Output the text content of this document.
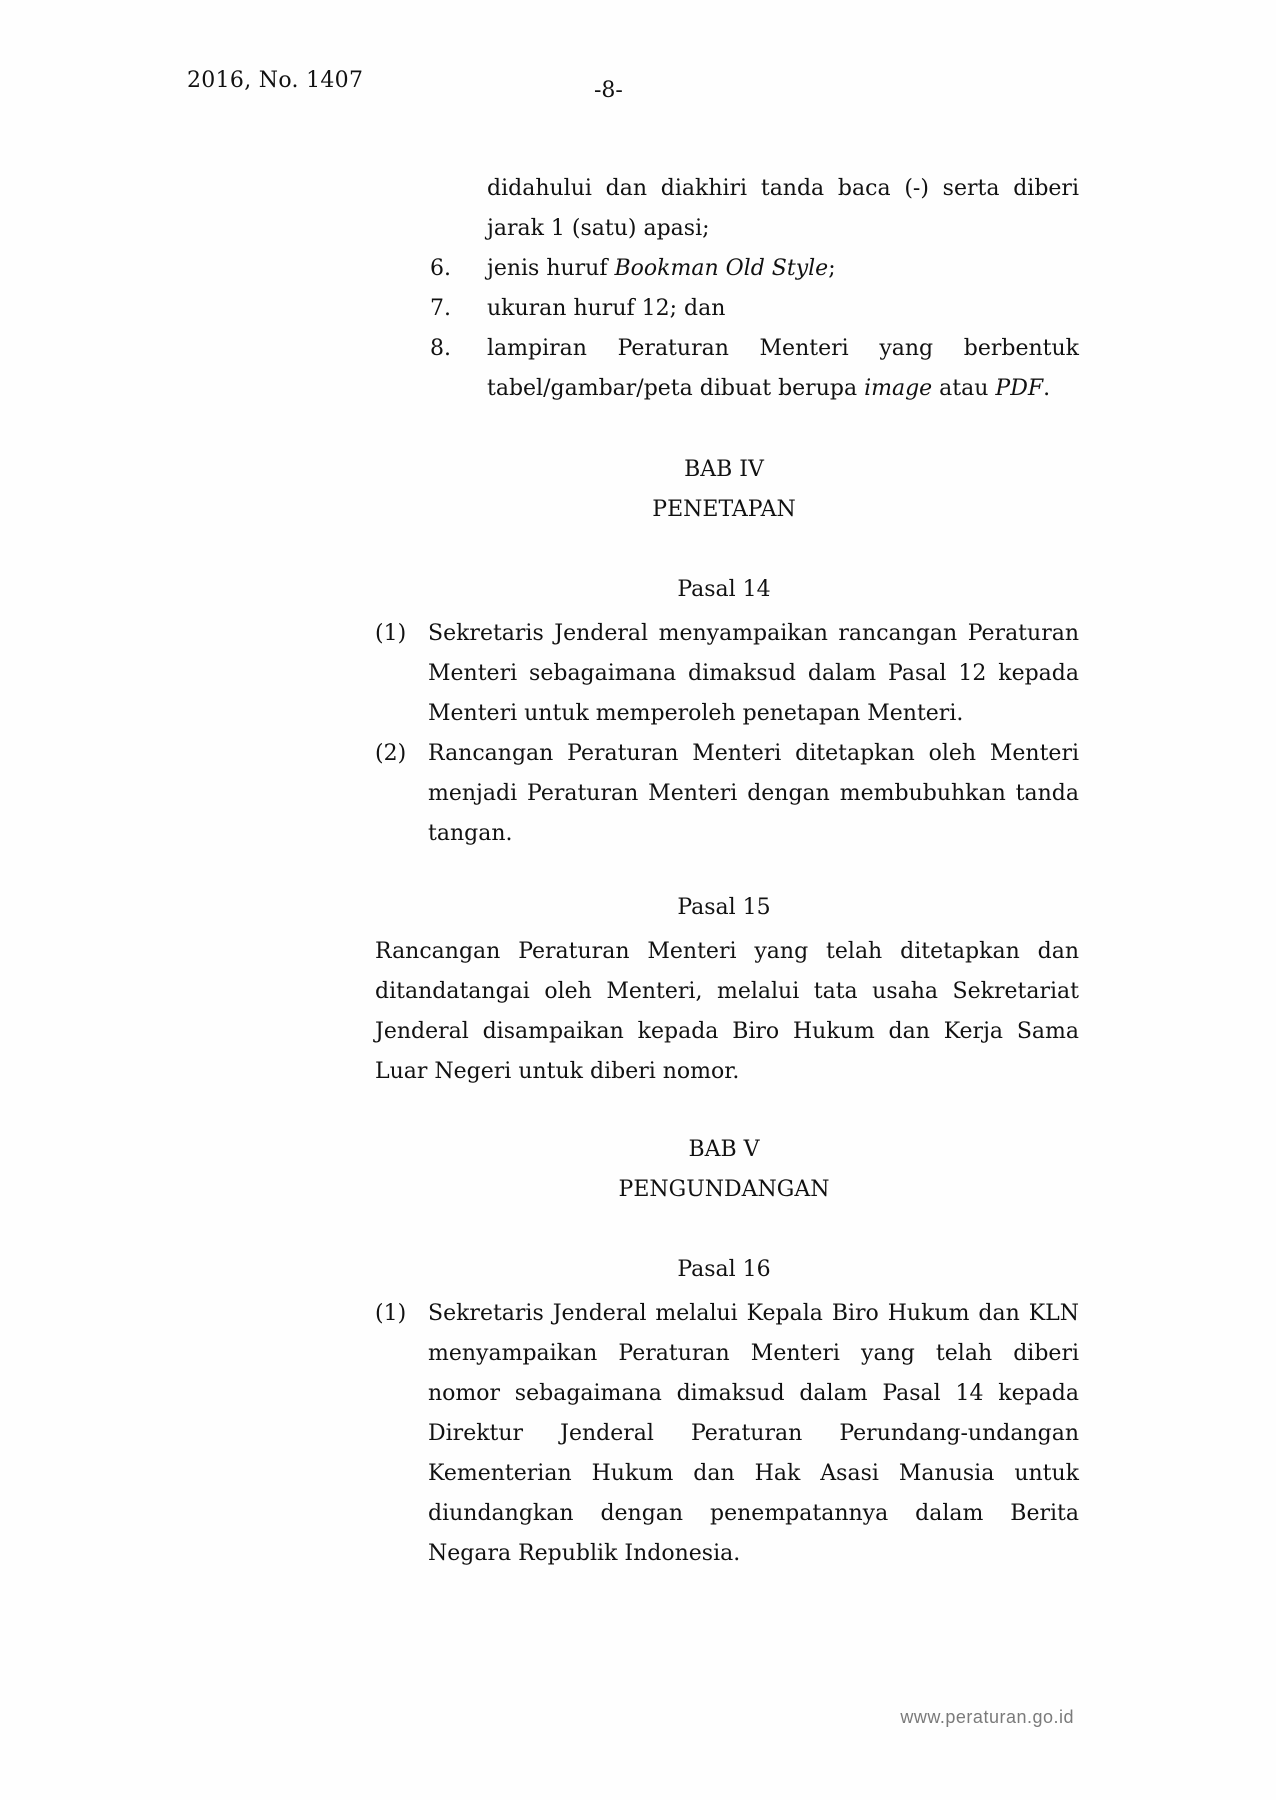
2016, No. 1407	-8-

didahului dan diakhiri tanda baca (-) serta diberi jarak 1 (satu) apasi;

6. jenis huruf Bookman Old Style;
7. ukuran huruf 12; dan
8. lampiran Peraturan Menteri yang berbentuk tabel/gambar/peta dibuat berupa image atau PDF.

BAB IV
PENETAPAN
Pasal 14
(1) Sekretaris Jenderal menyampaikan rancangan Peraturan Menteri sebagaimana dimaksud dalam Pasal 12 kepada Menteri untuk memperoleh penetapan Menteri.

(2) Rancangan Peraturan Menteri ditetapkan oleh Menteri menjadi Peraturan Menteri dengan membubuhkan tanda tangan.

Pasal 15

Rancangan Peraturan Menteri yang telah ditetapkan dan ditandatangai oleh Menteri, melalui tata usaha Sekretariat Jenderal disampaikan kepada Biro Hukum dan Kerja Sama Luar Negeri untuk diberi nomor.

BAB V
PENGUNDANGAN
Pasal 16
(1) Sekretaris Jenderal melalui Kepala Biro Hukum dan KLN menyampaikan Peraturan Menteri yang telah diberi nomor sebagaimana dimaksud dalam Pasal 14 kepada Direktur Jenderal Peraturan Perundang-undangan Kementerian Hukum dan Hak Asasi Manusia untuk diundangkan dengan penempatannya dalam Berita Negara Republik Indonesia.

www.peraturan.go.id
